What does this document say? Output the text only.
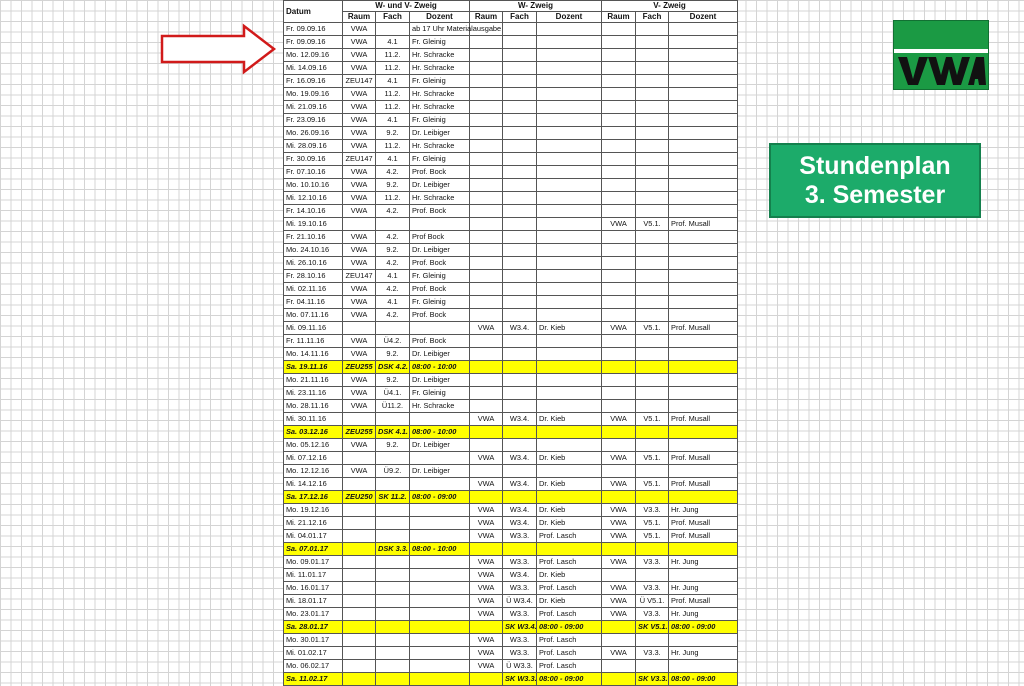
Datum	W- und V- Zweig			W- Zweig			V- Zweig		
	Raum	Fach	Dozent	Raum	Fach	Dozent	Raum	Fach	Dozent
Fr. 09.09.16	VWA		ab 17 Uhr Materialausgabe						
Fr. 09.09.16	VWA	4.1	Fr. Gleinig						
Mo. 12.09.16	VWA	11.2.	Hr. Schracke						
Mi. 14.09.16	VWA	11.2.	Hr. Schracke						
Fr. 16.09.16	ZEU147	4.1	Fr. Gleinig						
Mo. 19.09.16	VWA	11.2.	Hr. Schracke						
Mi. 21.09.16	VWA	11.2.	Hr. Schracke						
Fr. 23.09.16	VWA	4.1	Fr. Gleinig						
Mo. 26.09.16	VWA	9.2.	Dr. Leibiger						
Mi. 28.09.16	VWA	11.2.	Hr. Schracke						
Fr. 30.09.16	ZEU147	4.1	Fr. Gleinig						
Fr. 07.10.16	VWA	4.2.	Prof. Bock						
Mo. 10.10.16	VWA	9.2.	Dr. Leibiger						
Mi. 12.10.16	VWA	11.2.	Hr. Schracke						
Fr. 14.10.16	VWA	4.2.	Prof. Bock						
Mi. 19.10.16							VWA	V5.1.	Prof. Musall
Fr. 21.10.16	VWA	4.2.	Prof Bock						
Mo. 24.10.16	VWA	9.2.	Dr. Leibiger						
Mi. 26.10.16	VWA	4.2.	Prof. Bock						
Fr. 28.10.16	ZEU147	4.1	Fr. Gleinig						
Mi. 02.11.16	VWA	4.2.	Prof. Bock						
Fr. 04.11.16	VWA	4.1	Fr. Gleinig						
Mo. 07.11.16	VWA	4.2.	Prof. Bock						
Mi. 09.11.16				VWA	W3.4.	Dr. Kieb	VWA	V5.1.	Prof. Musall
Fr. 11.11.16	VWA	Ü4.2.	Prof. Bock						
Mo. 14.11.16	VWA	9.2.	Dr. Leibiger						
Sa. 19.11.16	ZEU255	DSK 4.2.	08:00 - 10:00						
Mo. 21.11.16	VWA	9.2.	Dr. Leibiger						
Mi. 23.11.16	VWA	Ü4.1.	Fr. Gleinig						
Mo. 28.11.16	VWA	Ü11.2.	Hr. Schracke						
Mi. 30.11.16				VWA	W3.4.	Dr. Kieb	VWA	V5.1.	Prof. Musall
Sa. 03.12.16	ZEU255	DSK 4.1.	08:00 - 10:00						
Mo. 05.12.16	VWA	9.2.	Dr. Leibiger						
Mi. 07.12.16				VWA	W3.4.	Dr. Kieb	VWA	V5.1.	Prof. Musall
Mo. 12.12.16	VWA	Ü9.2.	Dr. Leibiger						
Mi. 14.12.16				VWA	W3.4.	Dr. Kieb	VWA	V5.1.	Prof. Musall
Sa. 17.12.16	ZEU250	SK 11.2.	08:00 - 09:00						
Mo. 19.12.16				VWA	W3.4.	Dr. Kieb	VWA	V3.3.	Hr. Jung
Mi. 21.12.16				VWA	W3.4.	Dr. Kieb	VWA	V5.1.	Prof. Musall
Mi. 04.01.17				VWA	W3.3.	Prof. Lasch	VWA	V5.1.	Prof. Musall
Sa. 07.01.17		DSK 3.3.	08:00 - 10:00						
Mo. 09.01.17				VWA	W3.3.	Prof. Lasch	VWA	V3.3.	Hr. Jung
Mi. 11.01.17				VWA	W3.4.	Dr. Kieb			
Mo. 16.01.17				VWA	W3.3.	Prof. Lasch	VWA	V3.3.	Hr. Jung
Mi. 18.01.17				VWA	Ü W3.4.	Dr. Kieb	VWA	Ü V5.1.	Prof. Musall
Mo. 23.01.17				VWA	W3.3.	Prof. Lasch	VWA	V3.3.	Hr. Jung
Sa. 28.01.17					SK W3.4.	08:00 - 09:00		SK V5.1.	08:00 - 09:00
Mo. 30.01.17				VWA	W3.3.	Prof. Lasch			
Mi. 01.02.17				VWA	W3.3.	Prof. Lasch	VWA	V3.3.	Hr. Jung
Mo. 06.02.17				VWA	Ü W3.3.	Prof. Lasch			
Sa. 11.02.17					SK W3.3.	08:00 - 09:00		SK V3.3.	08:00 - 09:00
VWA
Stundenplan
3. Semester
